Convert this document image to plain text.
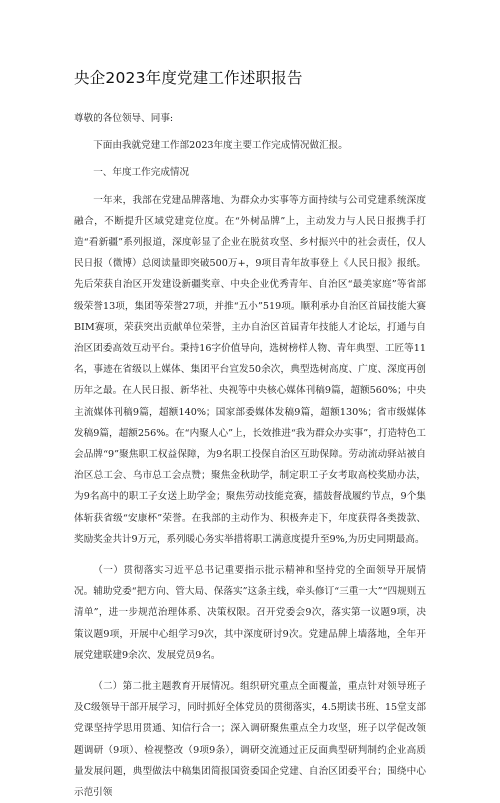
央企2023年度党建工作述职报告

尊敬的各位领导、同事:

下面由我就党建工作部2023年度主要工作完成情况做汇报。

一、年度工作完成情况

一年来，我部在党建品牌落地、为群众办实事等方面持续与公司党建系统深度融合，不断提升区域党建竞位度。在“外树品牌”上，主动发力与人民日报携手打造“看新疆”系列报道，深度彰显了企业在脱贫攻坚、乡村振兴中的社会责任，仅人民日报（微博）总阅读量即突破500万+，9项目青年故事登上《人民日报》报纸。先后荣获自治区开发建设新疆奖章、中央企业优秀青年、自治区“最美家庭”等省部级荣誉13项，集团等荣誉27项，并推“五小”519项。顺利承办自治区首届技能大赛BIM赛项，荣获突出贡献单位荣誉，主办自治区首届青年技能人才论坛，打通与自治区团委高效互动平台。秉持16字价值导向，选树榜样人物、青年典型、工匠等11名，事迹在省级以上媒体、集团平台宣发50余次，典型选树高度、广度、深度再创历年之最。在人民日报、新华社、央视等中央核心媒体刊稿9篇，超额560%；中央主流媒体刊稿9篇，超额140%；国家部委媒体发稿9篇，超额130%；省市级媒体发稿9篇，超额256%。在“内聚人心”上，长效推进“我为群众办实事”，打造特色工会品牌“9”聚焦职工权益保障，为9名职工投保自治区互助保障。劳动流动驿站被自治区总工会、乌市总工会点赞；聚焦金秋助学，制定职工子女考取高校奖励办法，为9名高中的职工子女送上助学金；聚焦劳动技能竞赛，擂鼓督战履约节点，9个集体斩获省级“安康杯”荣誉。在我部的主动作为、积极奔走下，年度获得各类拨款、奖励奖金共计9万元，系列暖心务实举措将职工满意度提升至9%,为历史同期最高。

（一）贯彻落实习近平总书记重要指示批示精神和坚持党的全面领导开展情况。辅助党委“把方向、管大局、保落实”这条主线，牵头修订“三重一大”“四规则五清单”，进一步规范治理体系、决策权限。召开党委会9次，落实第一议题9项，决策议题9项，开展中心组学习9次，其中深度研讨9次。党建品牌上墙落地，全年开展党建联建9余次、发展党员9名。

（二）第二批主题教育开展情况。组织研究重点全面覆盖，重点针对领导班子及C级领导干部开展学习，同时抓好全体党员的贯彻落实，4.5期读书班、15堂支部党课坚持学思用贯通、知信行合一；深入调研聚焦重点全力攻坚，班子以学促改领题调研（9项）、检视整改（9项9条），调研交流通过正反面典型研判制约企业高质量发展问题，典型做法中稿集团简报国资委国企党建、自治区团委平台；围绕中心示范引领
